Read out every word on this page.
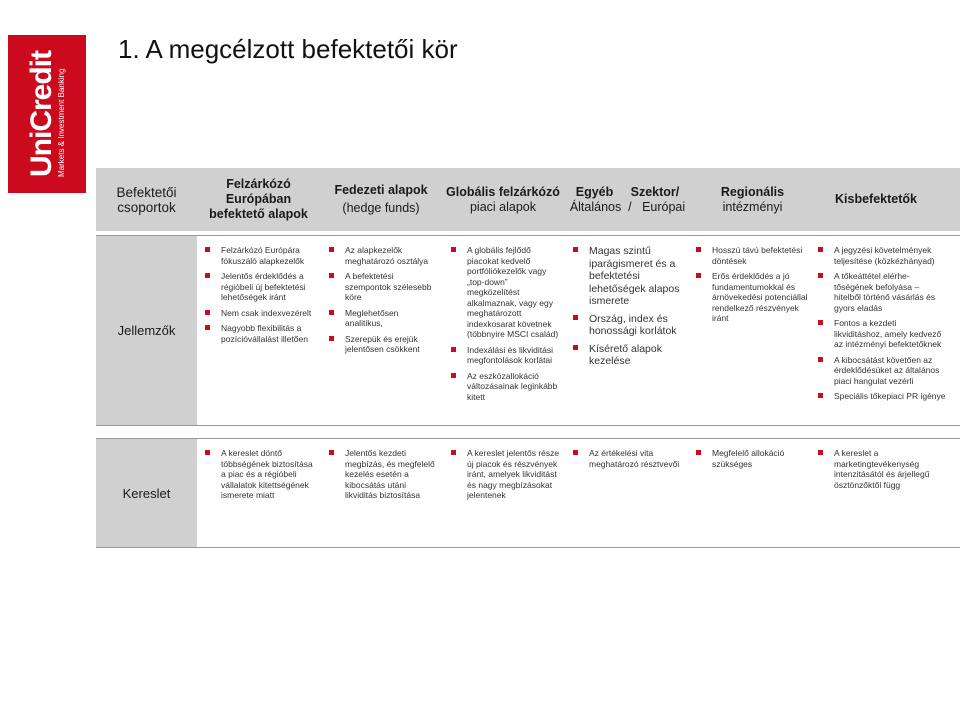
UniCredit Markets & Investment Banking
1. A megcélzott befektetői kör
Befektetői
csoportok
Felzárkózó
Európában
befektető alapok
Fedezeti alapok
(hedge funds)
Globális felzárkózó
piaci alapok
Egyéb     Szektor/
Általános  /   Európai
Regionális
intézményi
Kisbefektetők
Jellemzők
Felzárkózó Európára fókuszáló alapkezelők
Jelentős érdeklődés a régióbeli új befektetési lehetőségek iránt
Nem csak indexvezérelt
Nagyobb flexibilitás a pozícióvállalást illetően
Az alapkezelők meghatározó osztálya
A befektetési szempontok szélesebb köre
Meglehetősen analitikus,
Szerepük és erejük jelentősen csökkent
A globális fejlődő piacokat kedvelő portfóliókezelők vagy „top-down” megközelítést alkalmaznak, vagy egy meghatározott indexkosarat követnek (többnyire MSCI család)
Indexálási és likviditási megfontolások korlátai
Az eszközallokáció változásainak leginkább kitett
Magas szintű iparágismeret és a befektetési lehetőségek alapos ismerete
Ország, index és honossági korlátok
Kísérető alapok kezelése
Hosszú távú befektetési döntések
Erős érdeklődés a jó fundamentumokkal és árnövekedési potenciállal rendelkező részvények iránt
A jegyzési követelmények teljesítése (közkézhányad)
A tőkeáttétel elérhe-tőségének befolyása – hitelből történő vásárlás és gyors eladás
Fontos a kezdeti likviditáshoz, amely kedvező az intézményi befektetőknek
A kibocsátást követően az érdeklődésüket az általános piaci hangulat vezérli
Speciális tőkepiaci PR igénye
Kereslet
A kereslet döntő többségének biztosítása a piac és a régióbeli vállalatok kitettségének ismerete miatt
Jelentős kezdeti megbízás, és megfelelő kezelés esetén a kibocsátás utáni likviditás biztosítása
A kereslet jelentős része új piacok és részvények iránt, amelyek likviditást és nagy megbízásokat jelentenek
Az értékelési vita meghatározó résztvevői
Megfelelő allokáció szükséges
A kereslet a marketingtevékenység intenzitásától és árjellegű ösztönzőktől függ
